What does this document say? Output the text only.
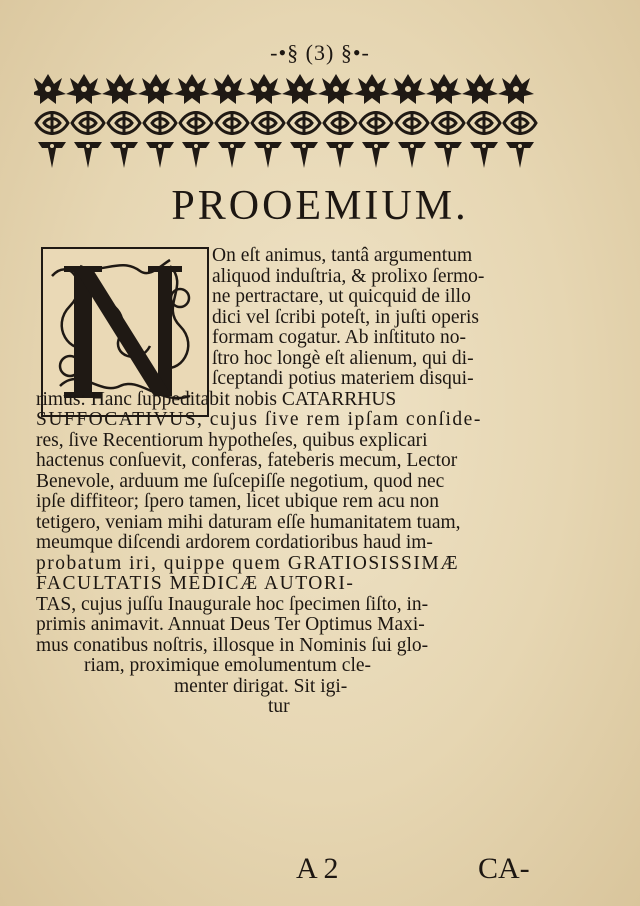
-•§ (3) §•-
PROOEMIUM.
On eſt animus, tantâ argumentum
aliquod induſtria, & prolixo ſermo-
ne pertractare, ut quicquid de illo
dici vel ſcribi poteſt, in juſti operis
formam cogatur. Ab inſtituto no-
ſtro hoc longè eſt alienum, qui di-
ſceptandi potius materiem disqui-
rimus: Hanc ſuppeditabit nobis CATARRHUS
SUFFOCATIVUS, cujus ſive rem ipſam conſide-
res, ſive Recentiorum hypotheſes, quibus explicari
hactenus conſuevit, conferas, fateberis mecum, Lector
Benevole, arduum me ſuſcepiſſe negotium, quod nec
ipſe diffiteor; ſpero tamen, licet ubique rem acu non
tetigero, veniam mihi daturam eſſe humanitatem tuam,
meumque diſcendi ardorem cordatioribus haud im-
probatum iri, quippe quem GRATIOSISSIMÆ
FACULTATIS MEDICÆ AUTORI-
TAS, cujus juſſu Inaugurale hoc ſpecimen ſiſto, in-
primis animavit. Annuat Deus Ter Optimus Maxi-
mus conatibus noſtris, illosque in Nominis ſui glo-
riam, proximique emolumentum cle-
menter dirigat. Sit igi-
tur
A 2	CA-
